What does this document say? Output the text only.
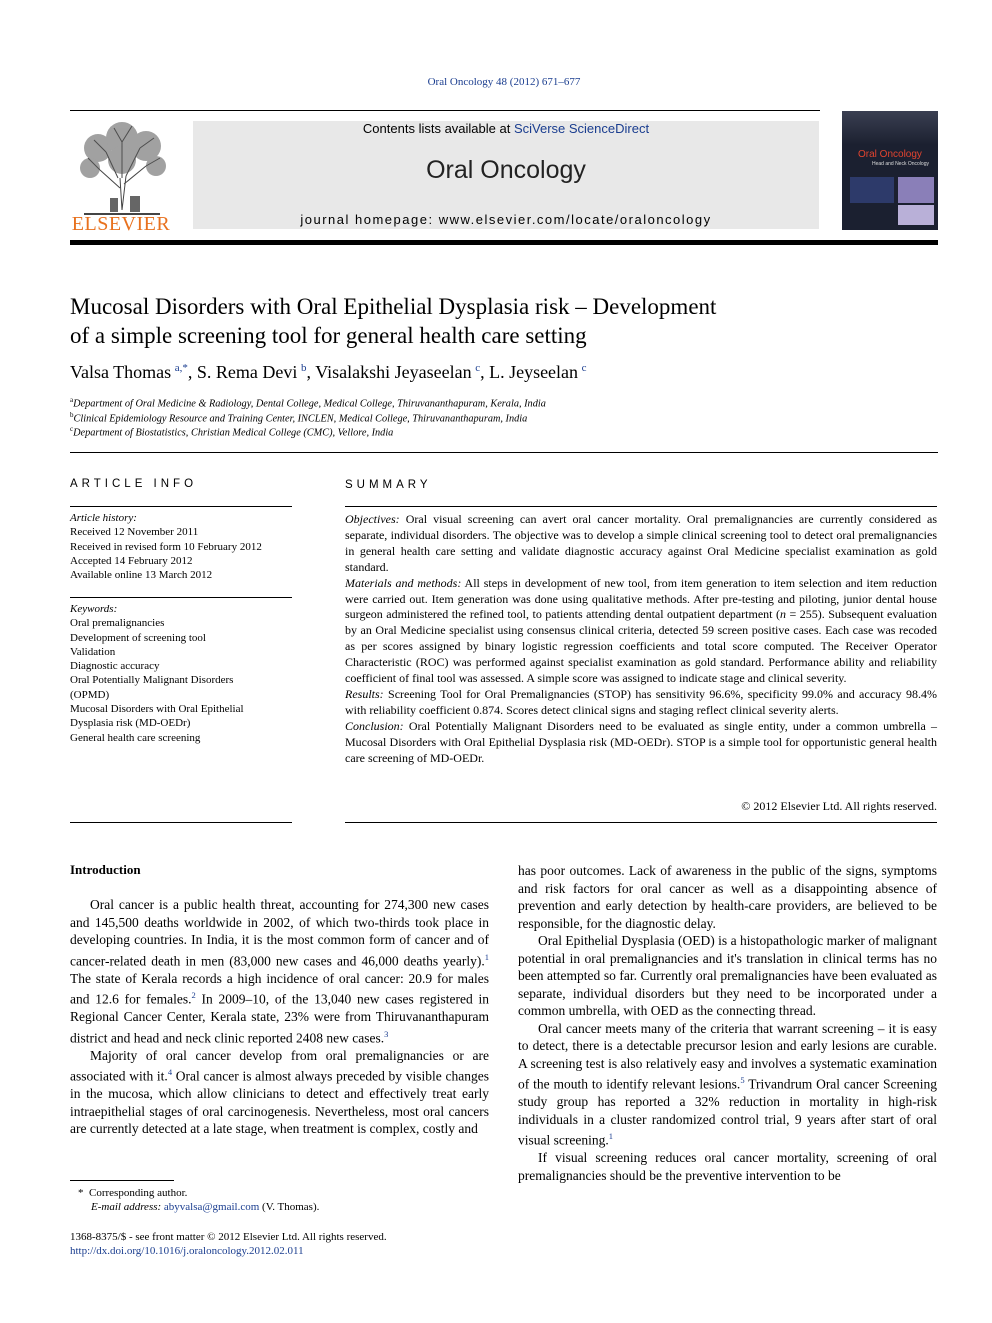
Oral Oncology 48 (2012) 671–677
ELSEVIER
Contents lists available at SciVerse ScienceDirect
Oral Oncology
journal homepage: www.elsevier.com/locate/oraloncology
Oral Oncology
Head and Neck Oncology
Mucosal Disorders with Oral Epithelial Dysplasia risk – Development
of a simple screening tool for general health care setting
Valsa Thomas  $^{a,*}$, S. Rema Devi  $^b$, Visalakshi Jeyaseelan  $^c$, L. Jeyseelan  $^c$
$^a$Department of Oral Medicine & Radiology, Dental College, Medical College, Thiruvananthapuram, Kerala, India
$^b$Clinical Epidemiology Resource and Training Center, INCLEN, Medical College, Thiruvananthapuram, India
$^c$Department of Biostatistics, Christian Medical College (CMC), Vellore, India
ARTICLE INFO
Article history:
Received 12 November 2011
Received in revised form 10 February 2012
Accepted 14 February 2012
Available online 13 March 2012
Keywords:
Oral premalignancies
Development of screening tool
Validation
Diagnostic accuracy
Oral Potentially Malignant Disorders
(OPMD)
Mucosal Disorders with Oral Epithelial
Dysplasia risk (MD-OEDr)
General health care screening
SUMMARY

Objectives: Oral visual screening can avert oral cancer mortality. Oral premalignancies are currently considered as separate, individual disorders. The objective was to develop a simple clinical screening tool to detect oral premalignancies in general health care setting and validate diagnostic accuracy against Oral Medicine specialist examination as gold standard.

Materials and methods: All steps in development of new tool, from item generation to item selection and item reduction were carried out. Item generation was done using qualitative methods. After pre-testing and piloting, junior dental house surgeon administered the refined tool, to patients attending dental outpatient department (n = 255). Subsequent evaluation by an Oral Medicine specialist using consensus clinical criteria, detected 59 screen positive cases. Each case was recoded as per scores assigned by binary logistic regression coefficients and total score computed. The Receiver Operator Characteristic (ROC) was performed against specialist examination as gold standard. Performance ability and reliability coefficient of final tool was assessed. A simple score was assigned to indicate stage and clinical severity.

Results: Screening Tool for Oral Premalignancies (STOP) has sensitivity 96.6%, specificity 99.0% and accuracy 98.4% with reliability coefficient 0.874. Scores detect clinical signs and staging reflect clinical severity alerts.

Conclusion: Oral Potentially Malignant Disorders need to be evaluated as single entity, under a common umbrella – Mucosal Disorders with Oral Epithelial Dysplasia risk (MD-OEDr). STOP is a simple tool for opportunistic general health care screening of MD-OEDr.

© 2012 Elsevier Ltd. All rights reserved.
Introduction

Oral cancer is a public health threat, accounting for 274,300 new cases and 145,500 deaths worldwide in 2002, of which two-thirds took place in developing countries. In India, it is the most common form of cancer and of cancer-related death in men (83,000 new cases and 46,000 deaths yearly).$^1$ The state of Kerala records a high incidence of oral cancer: 20.9 for males and 12.6 for females.$^2$ In 2009–10, of the 13,040 new cases registered in Regional Cancer Center, Kerala state, 23% were from Thiruvananthapuram district and head and neck clinic reported 2408 new cases.$^3$

Majority of oral cancer develop from oral premalignancies or are associated with it.$^4$ Oral cancer is almost always preceded by visible changes in the mucosa, which allow clinicians to detect and effectively treat early intraepithelial stages of oral carcinogenesis. Nevertheless, most oral cancers are currently detected at a late stage, when treatment is complex, costly and

has poor outcomes. Lack of awareness in the public of the signs, symptoms and risk factors for oral cancer as well as a disappointing absence of prevention and early detection by health-care providers, are believed to be responsible, for the diagnostic delay.

Oral Epithelial Dysplasia (OED) is a histopathologic marker of malignant potential in oral premalignancies and it's translation in clinical terms has no been attempted so far. Currently oral premalignancies have been evaluated as separate, individual disorders but they need to be incorporated under a common umbrella, with OED as the connecting thread.

Oral cancer meets many of the criteria that warrant screening – it is easy to detect, there is a detectable precursor lesion and early lesions are curable. A screening test is also relatively easy and involves a systematic examination of the mouth to identify relevant lesions.$^5$ Trivandrum Oral cancer Screening study group has reported a 32% reduction in mortality in high-risk individuals in a cluster randomized control trial, 9 years after start of oral visual screening.$^1$

If visual screening reduces oral cancer mortality, screening of oral premalignancies should be the preventive intervention to be

* Corresponding author.
E-mail address: abyvalsa@gmail.com (V. Thomas).
1368-8375/$ - see front matter © 2012 Elsevier Ltd. All rights reserved.
http://dx.doi.org/10.1016/j.oraloncology.2012.02.011
